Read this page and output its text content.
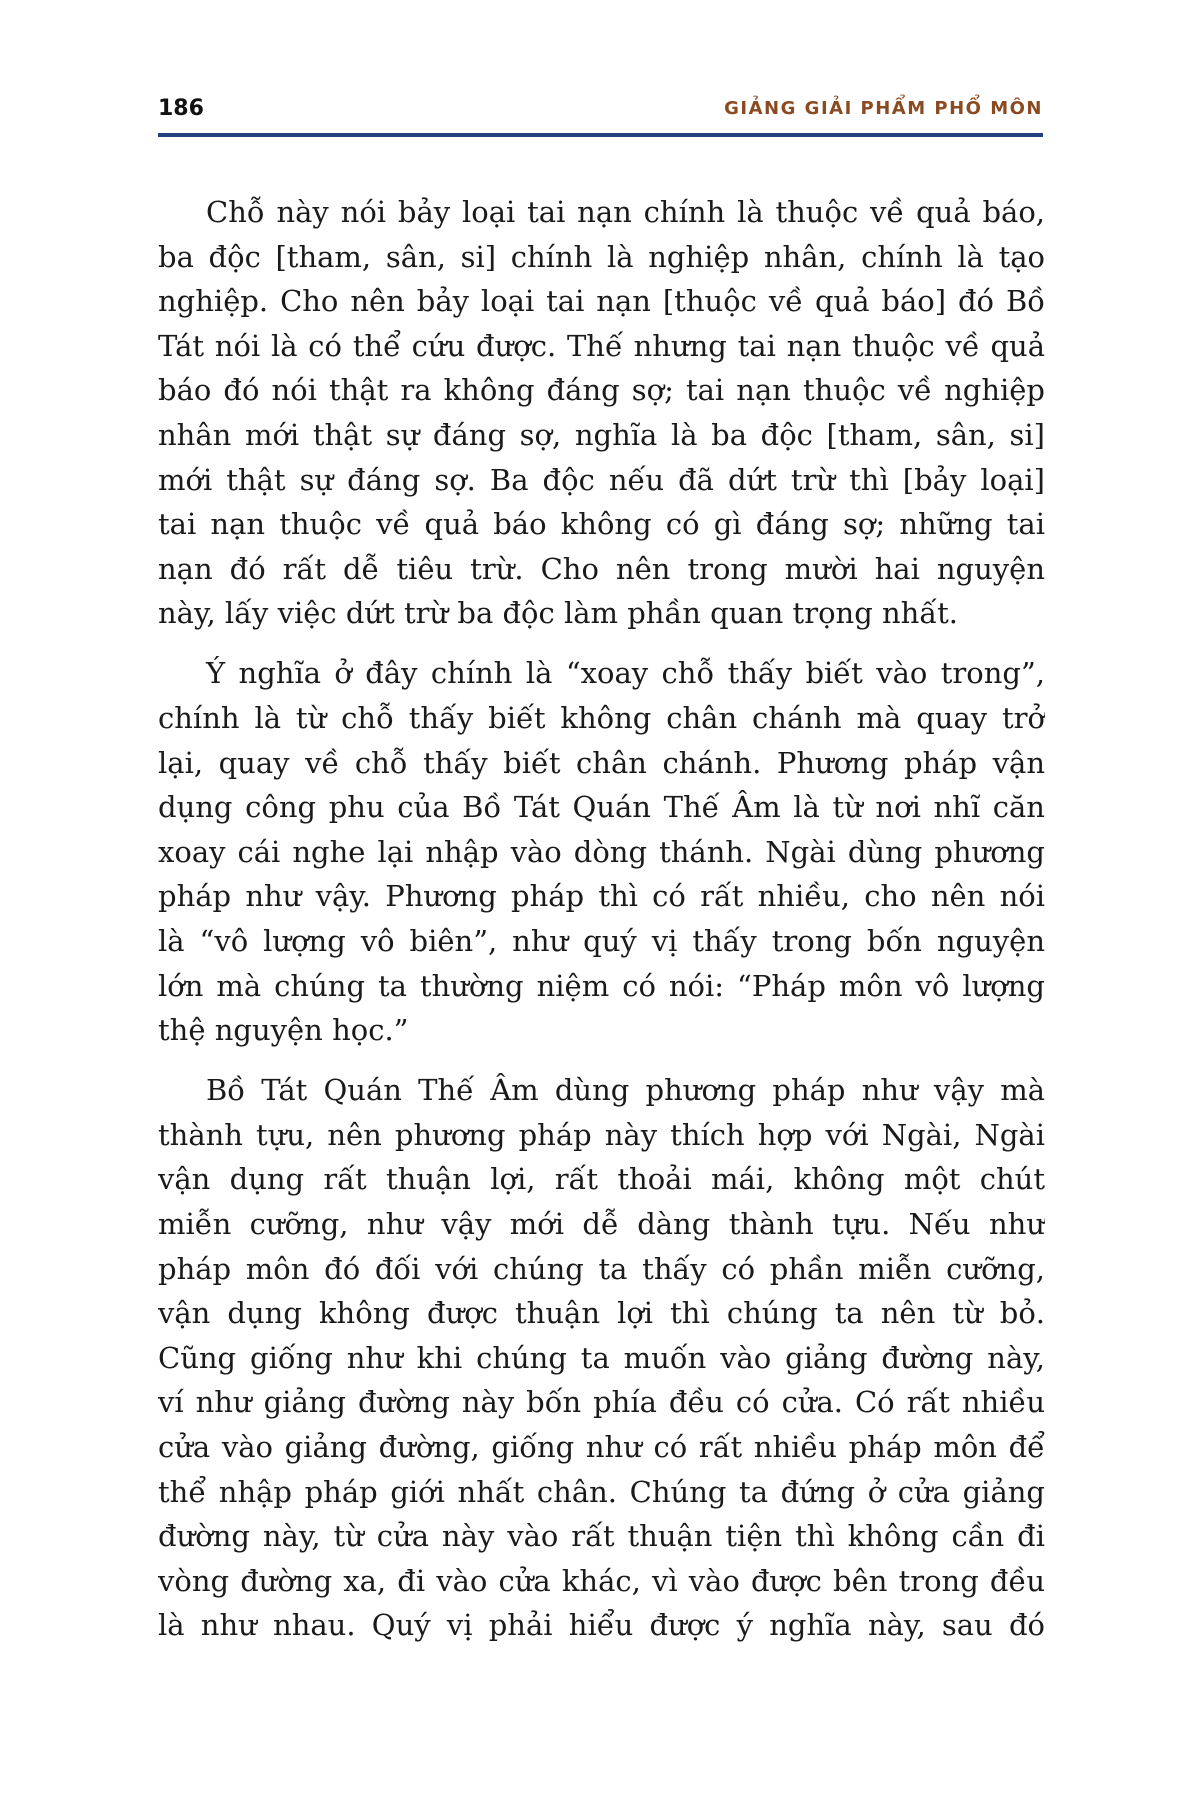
186	GIẢNG GIẢI PHẨM PHỔ MÔN
Chỗ này nói bảy loại tai nạn chính là thuộc về quả báo,
ba độc [tham, sân, si] chính là nghiệp nhân, chính là tạo
nghiệp. Cho nên bảy loại tai nạn [thuộc về quả báo] đó Bồ
Tát nói là có thể cứu được. Thế nhưng tai nạn thuộc về quả
báo đó nói thật ra không đáng sợ; tai nạn thuộc về nghiệp
nhân mới thật sự đáng sợ, nghĩa là ba độc [tham, sân, si]
mới thật sự đáng sợ. Ba độc nếu đã dứt trừ thì [bảy loại]
tai nạn thuộc về quả báo không có gì đáng sợ; những tai
nạn đó rất dễ tiêu trừ. Cho nên trong mười hai nguyện
này, lấy việc dứt trừ ba độc làm phần quan trọng nhất.
Ý nghĩa ở đây chính là “xoay chỗ thấy biết vào trong”,
chính là từ chỗ thấy biết không chân chánh mà quay trở
lại, quay về chỗ thấy biết chân chánh. Phương pháp vận
dụng công phu của Bồ Tát Quán Thế Âm là từ nơi nhĩ căn
xoay cái nghe lại nhập vào dòng thánh. Ngài dùng phương
pháp như vậy. Phương pháp thì có rất nhiều, cho nên nói
là “vô lượng vô biên”, như quý vị thấy trong bốn nguyện
lớn mà chúng ta thường niệm có nói: “Pháp môn vô lượng
thệ nguyện học.”
Bồ Tát Quán Thế Âm dùng phương pháp như vậy mà
thành tựu, nên phương pháp này thích hợp với Ngài, Ngài
vận dụng rất thuận lợi, rất thoải mái, không một chút
miễn cưỡng, như vậy mới dễ dàng thành tựu. Nếu như
pháp môn đó đối với chúng ta thấy có phần miễn cưỡng,
vận dụng không được thuận lợi thì chúng ta nên từ bỏ.
Cũng giống như khi chúng ta muốn vào giảng đường này,
ví như giảng đường này bốn phía đều có cửa. Có rất nhiều
cửa vào giảng đường, giống như có rất nhiều pháp môn để
thể nhập pháp giới nhất chân. Chúng ta đứng ở cửa giảng
đường này, từ cửa này vào rất thuận tiện thì không cần đi
vòng đường xa, đi vào cửa khác, vì vào được bên trong đều
là như nhau. Quý vị phải hiểu được ý nghĩa này, sau đó
